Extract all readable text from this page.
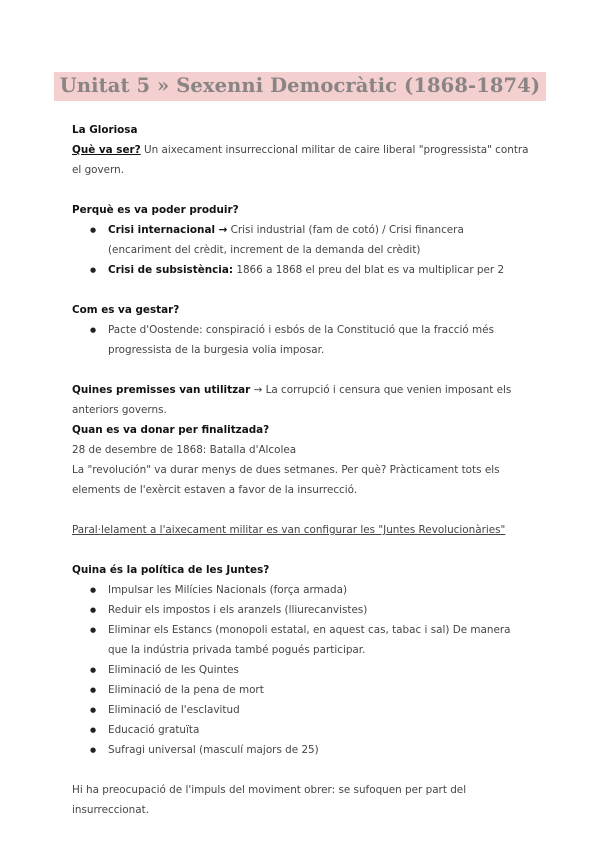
Unitat 5 » Sexenni Democràtic (1868-1874)

La Gloriosa

Què va ser? Un aixecament insurreccional militar de caire liberal "progressista" contra el govern.

Perquè es va poder produir?

● Crisi internacional → Crisi industrial (fam de cotó) / Crisi financera (encariment del crèdit, increment de la demanda del crèdit)
● Crisi de subsistència: 1866 a 1868 el preu del blat es va multiplicar per 2

Com es va gestar?

● Pacte d'Oostende: conspiració i esbós de la Constitució que la fracció més progressista de la burgesia volia imposar.

Quines premisses van utilitzar → La corrupció i censura que venien imposant els anteriors governs.

Quan es va donar per finalitzada?

28 de desembre de 1868: Batalla d'Alcolea

La "revolución" va durar menys de dues setmanes. Per què? Pràcticament tots els elements de l'exèrcit estaven a favor de la insurrecció.

Paral·lelament a l'aixecament militar es van configurar les "Juntes Revolucionàries"

Quina és la política de les Juntes?

● Impulsar les Milícies Nacionals (força armada)
● Reduir els impostos i els aranzels (lliurecanvistes)
● Eliminar els Estancs (monopoli estatal, en aquest cas, tabac i sal) De manera que la indústria privada també pogués participar.
● Eliminació de les Quintes
● Eliminació de la pena de mort
● Eliminació de l'esclavitud
● Educació gratuïta
● Sufragi universal (masculí majors de 25)

Hi ha preocupació de l'impuls del moviment obrer: se sufoquen per part del insurreccionat.
